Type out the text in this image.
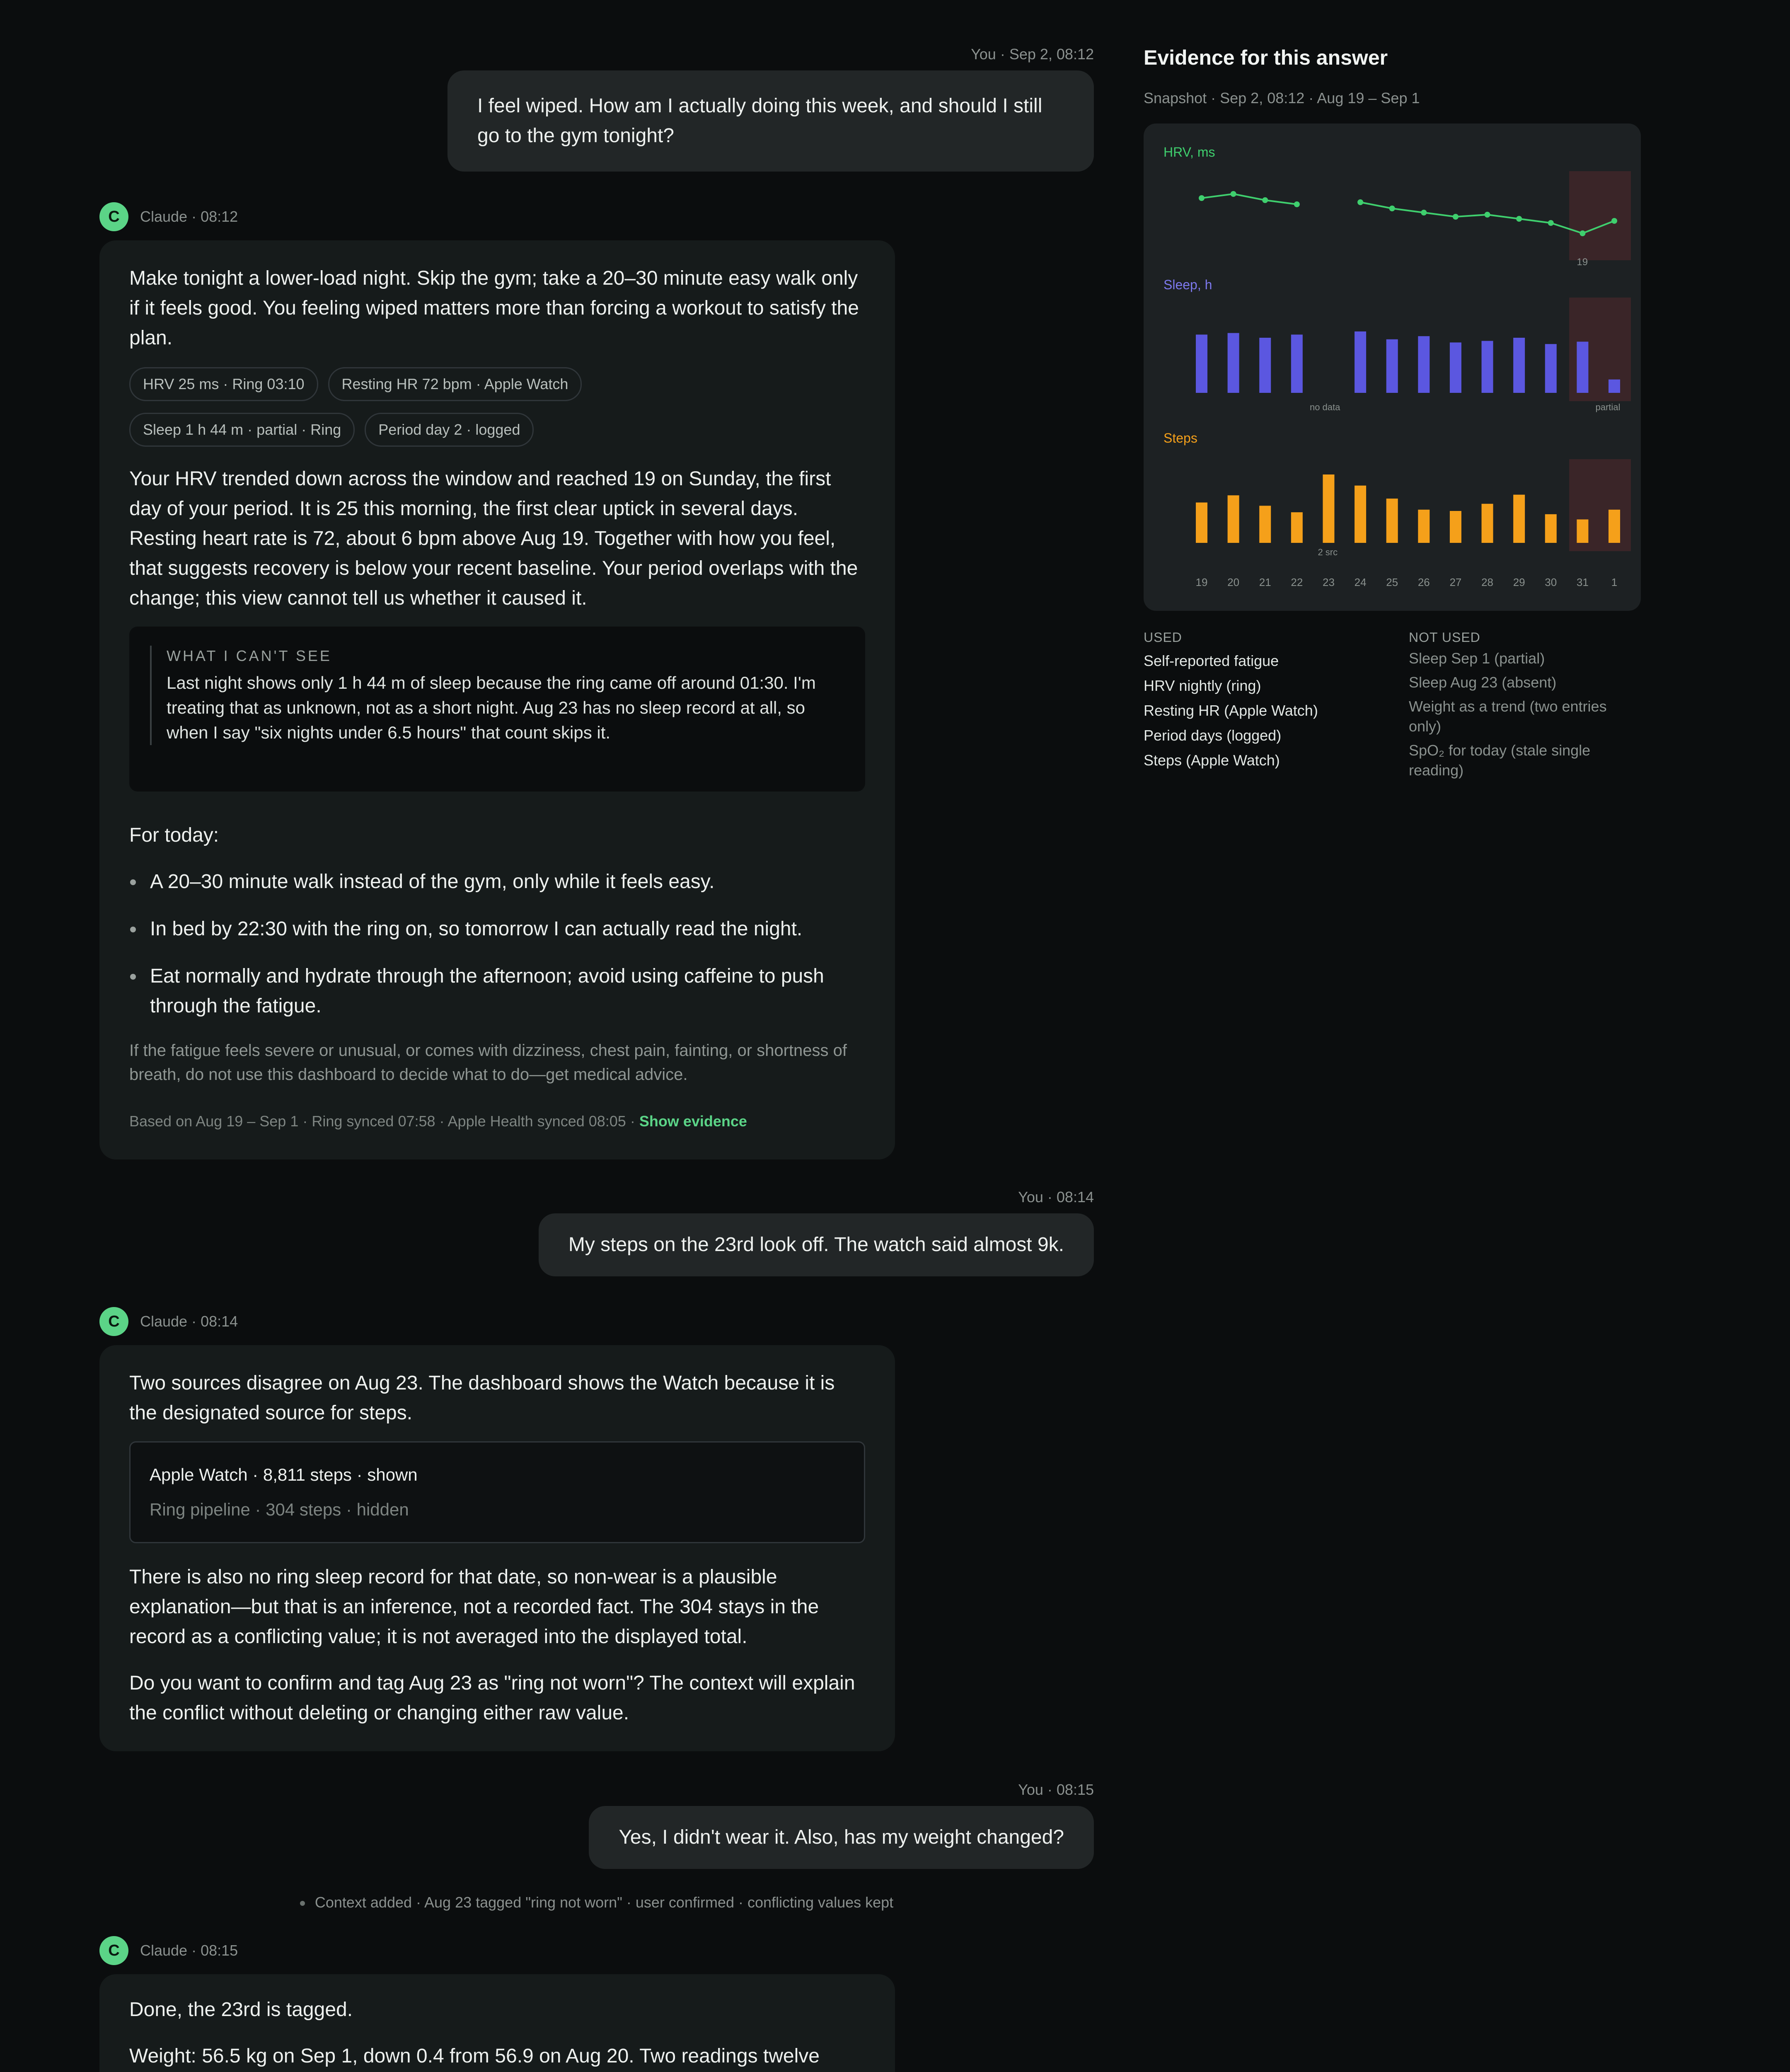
You · Sep 2, 08:12
I feel wiped. How am I actually doing this week, and should I still go to the gym tonight?
C	Claude · 08:12

Make tonight a lower-load night. Skip the gym; take a 20–30 minute easy walk only if it feels good. You feeling wiped matters more than forcing a workout to satisfy the plan.

HRV 25 ms · Ring 03:10	Resting HR 72 bpm · Apple Watch
Sleep 1 h 44 m · partial · Ring	Period day 2 · logged

Your HRV trended down across the window and reached 19 on Sunday, the first day of your period. It is 25 this morning, the first clear uptick in several days. Resting heart rate is 72, about 6 bpm above Aug 19. Together with how you feel, that suggests recovery is below your recent baseline. Your period overlaps with the change; this view cannot tell us whether it caused it.

WHAT I CAN'T SEE
Last night shows only 1 h 44 m of sleep because the ring came off around 01:30. I'm treating that as unknown, not as a short night. Aug 23 has no sleep record at all, so when I say "six nights under 6.5 hours" that count skips it.

For today:

A 20–30 minute walk instead of the gym, only while it feels easy.
In bed by 22:30 with the ring on, so tomorrow I can actually read the night.
Eat normally and hydrate through the afternoon; avoid using caffeine to push through the fatigue.
If the fatigue feels severe or unusual, or comes with dizziness, chest pain, fainting, or shortness of breath, do not use this dashboard to decide what to do—get medical advice.
Based on Aug 19 – Sep 1 · Ring synced 07:58 · Apple Health synced 08:05 · Show evidence
You · 08:14
My steps on the 23rd look off. The watch said almost 9k.
C	Claude · 08:14

Two sources disagree on Aug 23. The dashboard shows the Watch because it is the designated source for steps.

Apple Watch · 8,811 steps · shown
Ring pipeline · 304 steps · hidden

There is also no ring sleep record for that date, so non-wear is a plausible explanation—but that is an inference, not a recorded fact. The 304 stays in the record as a conflicting value; it is not averaged into the displayed total.

Do you want to confirm and tag Aug 23 as "ring not worn"? The context will explain the conflict without deleting or changing either raw value.

You · 08:15
Yes, I didn't wear it. Also, has my weight changed?
Context added · Aug 23 tagged "ring not worn" · user confirmed · conflicting values kept
C	Claude · 08:15

Done, the 23rd is tagged.

Weight: 56.5 kg on Sep 1, down 0.4 from 56.9 on Aug 20. Two readings twelve

Evidence for this answer
Snapshot · Sep 2, 08:12 · Aug 19 – Sep 1
HRV, ms
19
Sleep, h
no data	partial
Steps
2 src
19 20 21 22 23 24 25 26 27 28 29 30 31 1
USED
Self-reported fatigue
HRV nightly (ring)
Resting HR (Apple Watch)
Period days (logged)
Steps (Apple Watch)
NOT USED
Sleep Sep 1 (partial)
Sleep Aug 23 (absent)
Weight as a trend (two entries only)
SpO₂ for today (stale single reading)
